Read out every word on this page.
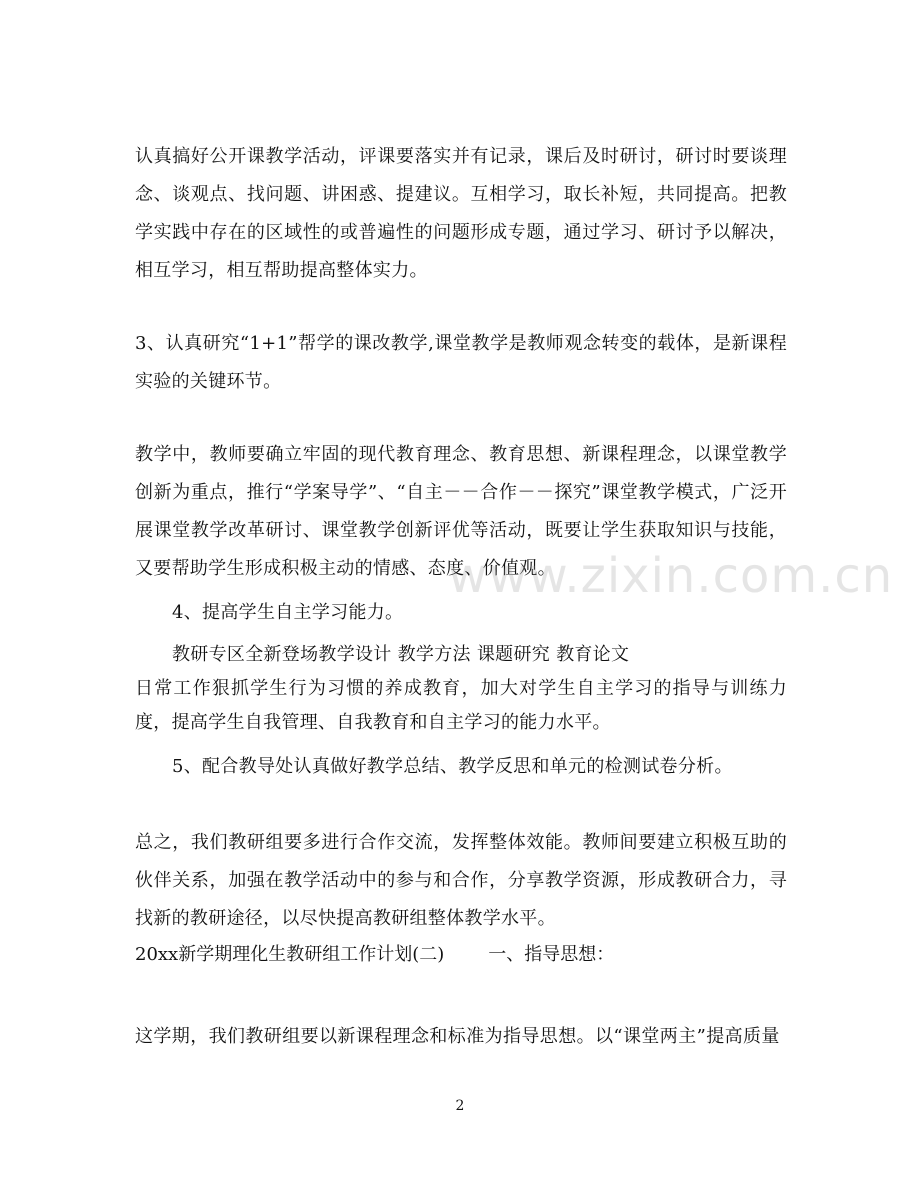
认真搞好公开课教学活动，评课要落实并有记录，课后及时研讨，研讨时要谈理念、谈观点、找问题、讲困惑、提建议。互相学习，取长补短，共同提高。把教学实践中存在的区域性的或普遍性的问题形成专题，通过学习、研讨予以解决，相互学习，相互帮助提高整体实力。

3、认真研究“1+1”帮学的课改教学,课堂教学是教师观念转变的载体，是新课程实验的关键环节。

教学中，教师要确立牢固的现代教育理念、教育思想、新课程理念，以课堂教学创新为重点，推行“学案导学”、“自主－－合作－－探究”课堂教学模式，广泛开展课堂教学改革研讨、课堂教学创新评优等活动，既要让学生获取知识与技能，又要帮助学生形成积极主动的情感、态度、价值观。

4、提高学生自主学习能力。

教研专区全新登场教学设计 教学方法 课题研究 教育论文

日常工作狠抓学生行为习惯的养成教育，加大对学生自主学习的指导与训练力度，提高学生自我管理、自我教育和自主学习的能力水平。

5、配合教导处认真做好教学总结、教学反思和单元的检测试卷分析。

总之，我们教研组要多进行合作交流，发挥整体效能。教师间要建立积极互助的伙伴关系，加强在教学活动中的参与和合作，分享教学资源，形成教研合力，寻找新的教研途径，以尽快提高教研组整体教学水平。

20xx新学期理化生教研组工作计划(二) 一、指导思想：

这学期，我们教研组要以新课程理念和标准为指导思想。以“课堂两主”提高质量

www.zixin.com.cn
2
